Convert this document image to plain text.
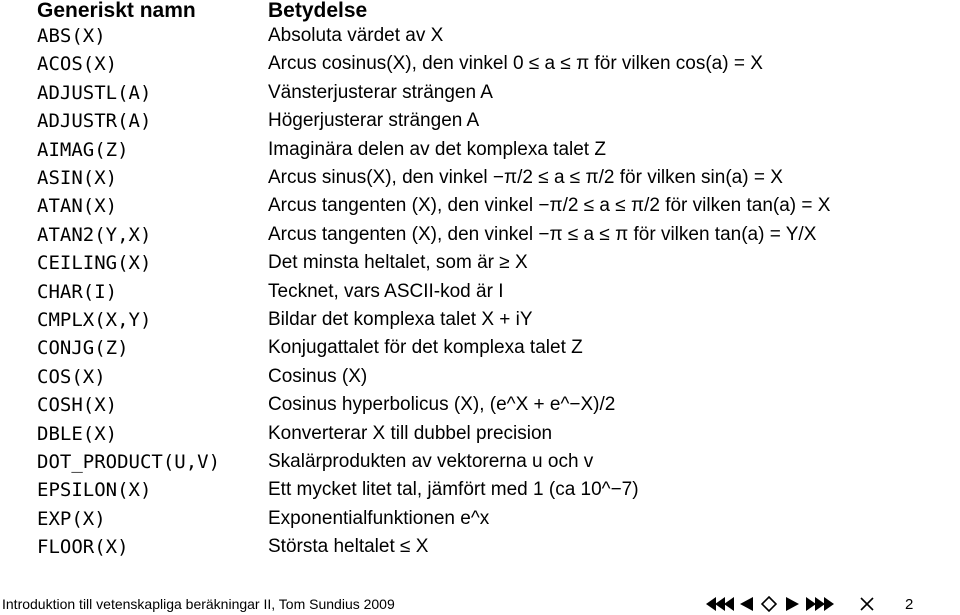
Generiskt namn	Betydelse
ABS(X)	Absoluta värdet av X
ACOS(X)	Arcus cosinus(X), den vinkel 0 ≤ a ≤ π för vilken cos(a) = X
ADJUSTL(A)	Vänsterjusterar strängen A
ADJUSTR(A)	Högerjusterar strängen A
AIMAG(Z)	Imaginära delen av det komplexa talet Z
ASIN(X)	Arcus sinus(X), den vinkel −π/2 ≤ a ≤ π/2 för vilken sin(a) = X
ATAN(X)	Arcus tangenten (X), den vinkel −π/2 ≤ a ≤ π/2 för vilken tan(a) = X
ATAN2(Y,X)	Arcus tangenten (X), den vinkel −π ≤ a ≤ π för vilken tan(a) = Y/X
CEILING(X)	Det minsta heltalet, som är ≥ X
CHAR(I)	Tecknet, vars ASCII-kod är I
CMPLX(X,Y)	Bildar det komplexa talet X + iY
CONJG(Z)	Konjugattalet för det komplexa talet Z
COS(X)	Cosinus (X)
COSH(X)	Cosinus hyperbolicus (X), (e^X + e^−X)/2
DBLE(X)	Konverterar X till dubbel precision
DOT_PRODUCT(U,V)	Skalärprodukten av vektorerna u och v
EPSILON(X)	Ett mycket litet tal, jämfört med 1 (ca 10^−7)
EXP(X)	Exponentialfunktionen e^x
FLOOR(X)	Största heltalet ≤ X
Introduktion till vetenskapliga beräkningar II, Tom Sundius 2009	2
